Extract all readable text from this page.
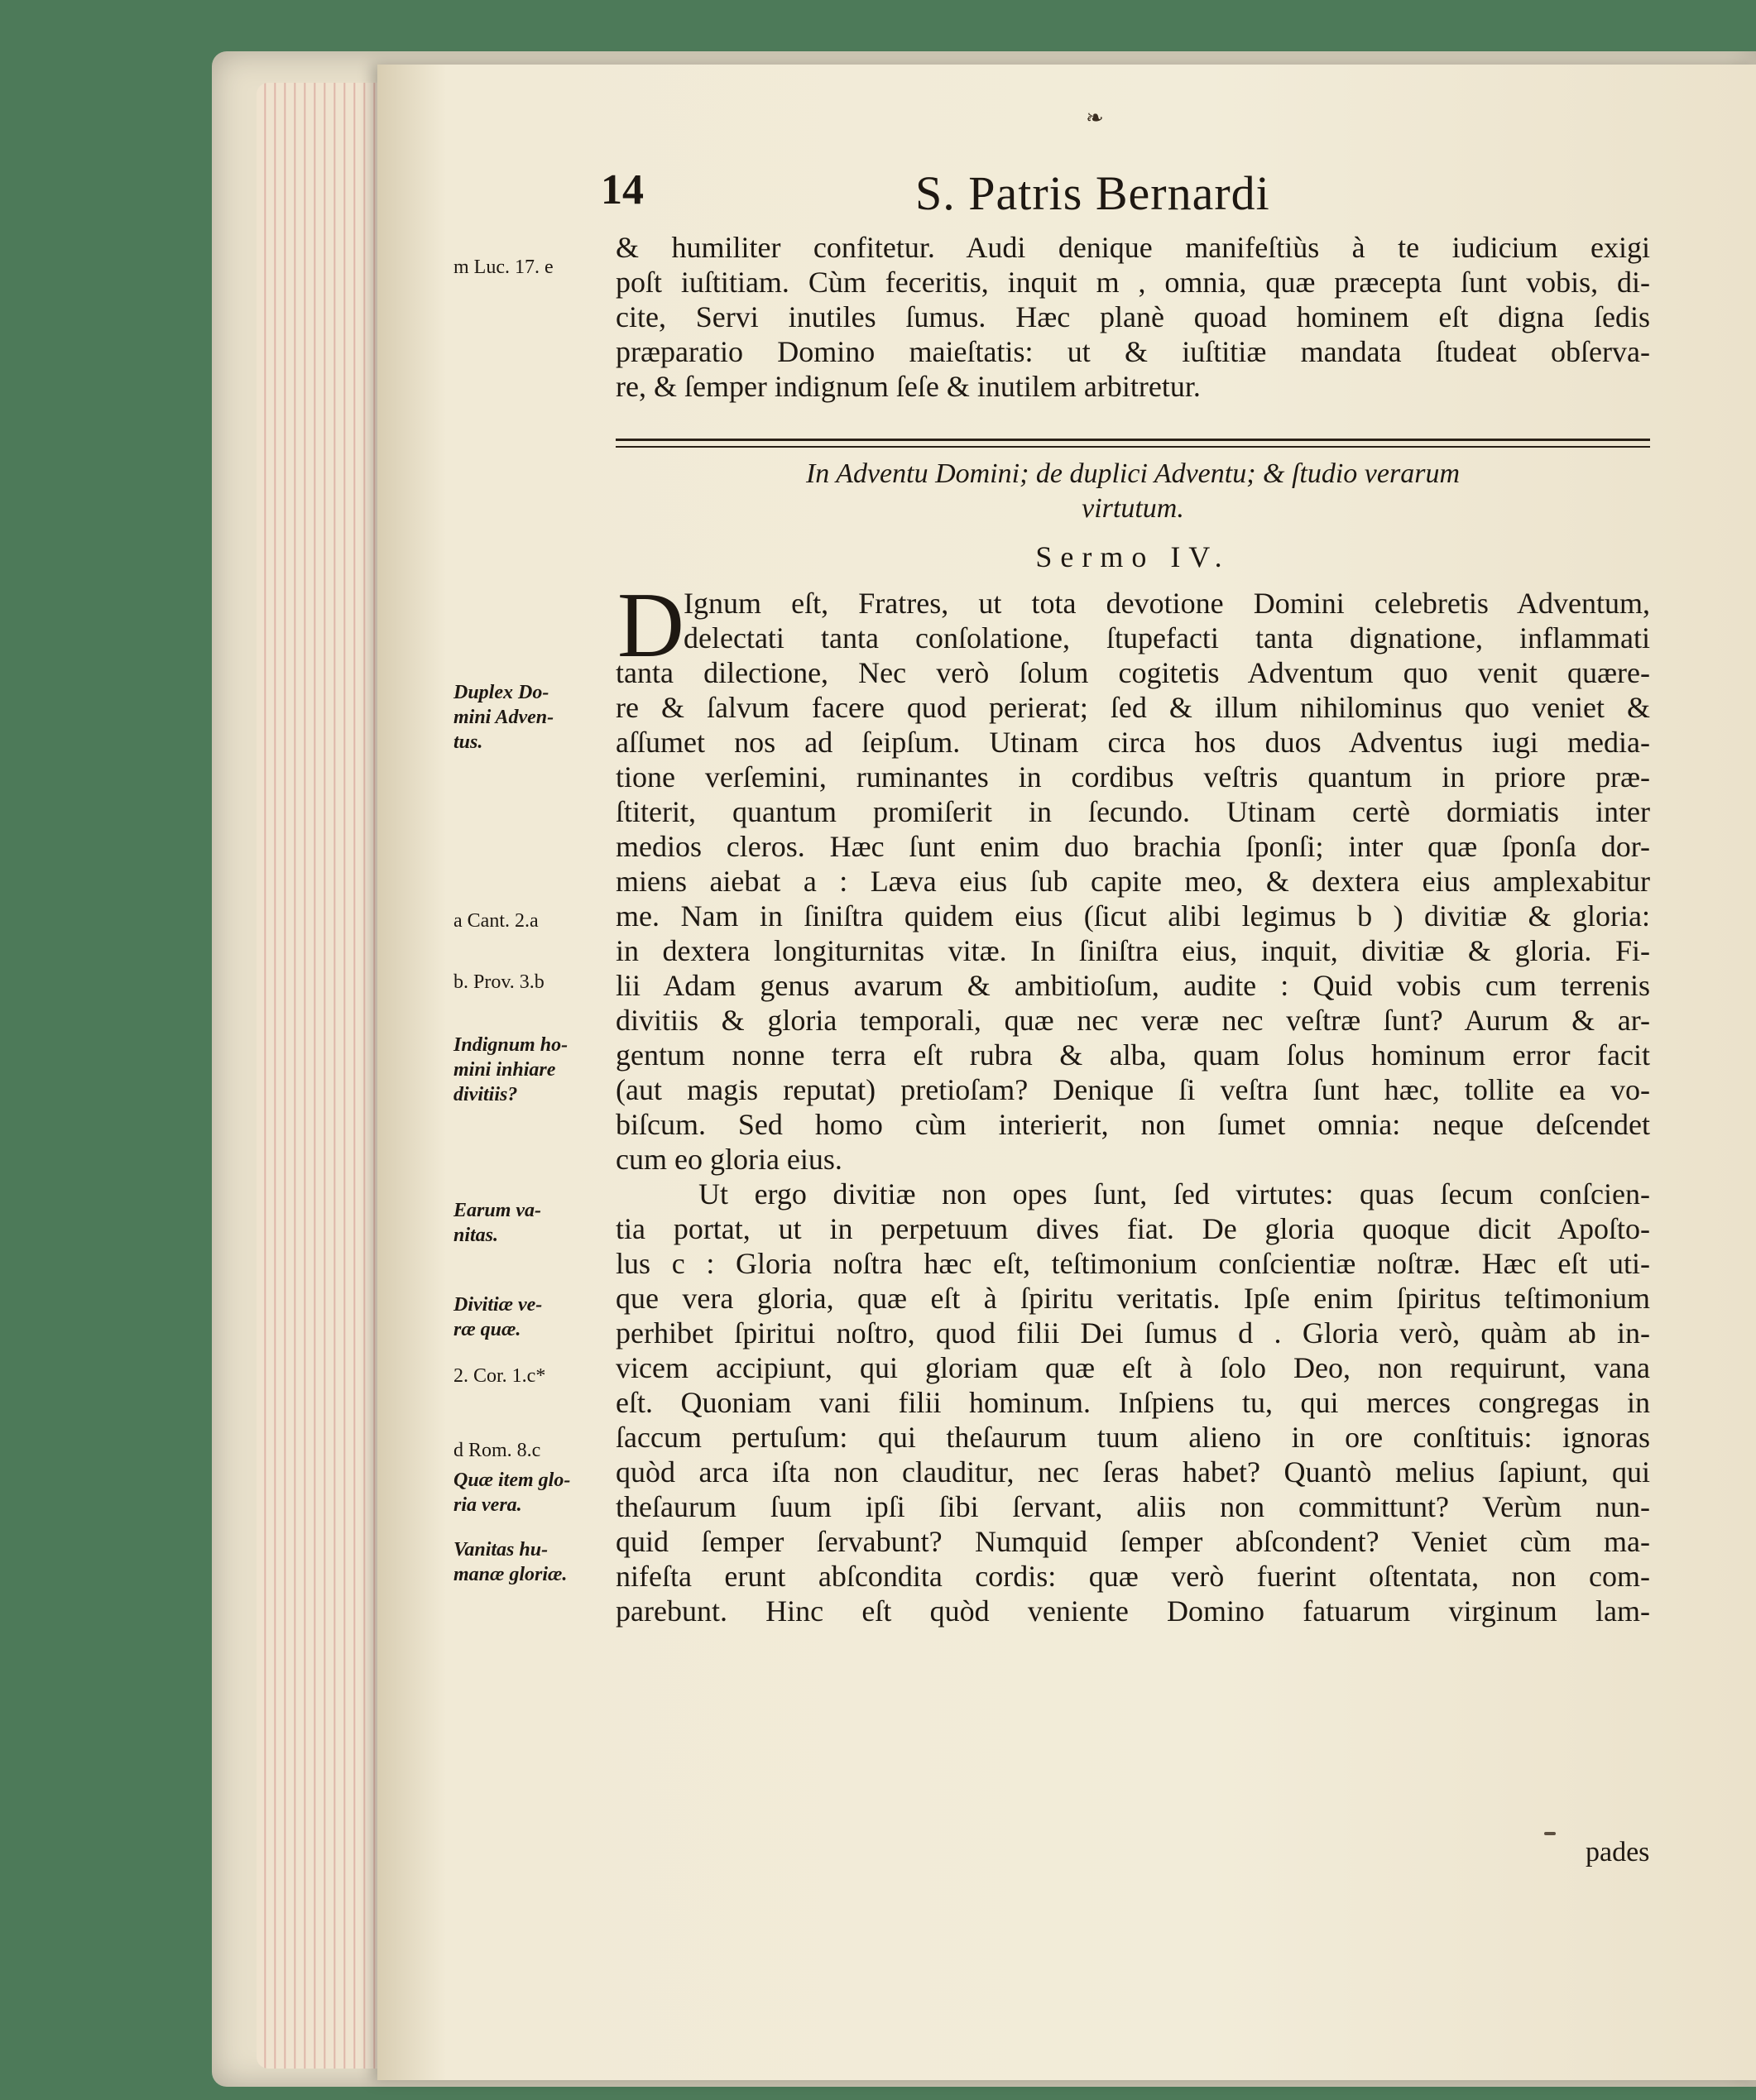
❧
14	S. Patris Bernardi
& humiliter confitetur. Audi denique manifeſtiùs à te iudicium exigi
poſt iuſtitiam. Cùm feceritis, inquit m , omnia, quæ præcepta ſunt vobis, di-
cite, Servi inutiles ſumus. Hæc planè quoad hominem eſt digna ſedis
præparatio Domino maieſtatis: ut & iuſtitiæ mandata ſtudeat obſerva-
re, & ſemper indignum ſeſe & inutilem arbitretur.
In Adventu Domini; de duplici Adventu; & ſtudio verarum
virtutum.
Sermo IV.
D Ignum eſt, Fratres, ut tota devotione Domini celebretis Adventum,
delectati tanta conſolatione, ſtupefacti tanta dignatione, inflammati
tanta dilectione, Nec verò ſolum cogitetis Adventum quo venit quære-
re & ſalvum facere quod perierat; ſed & illum nihilominus quo veniet &
aſſumet nos ad ſeipſum. Utinam circa hos duos Adventus iugi media-
tione verſemini, ruminantes in cordibus veſtris quantum in priore præ-
ſtiterit, quantum promiſerit in ſecundo. Utinam certè dormiatis inter
medios cleros. Hæc ſunt enim duo brachia ſponſi; inter quæ ſponſa dor-
miens aiebat a : Læva eius ſub capite meo, & dextera eius amplexabitur
me. Nam in ſiniſtra quidem eius (ſicut alibi legimus b ) divitiæ & gloria:
in dextera longiturnitas vitæ. In ſiniſtra eius, inquit, divitiæ & gloria. Fi-
lii Adam genus avarum & ambitioſum, audite : Quid vobis cum terrenis
divitiis & gloria temporali, quæ nec veræ nec veſtræ ſunt? Aurum & ar-
gentum nonne terra eſt rubra & alba, quam ſolus hominum error facit
(aut magis reputat) pretioſam? Denique ſi veſtra ſunt hæc, tollite ea vo-
biſcum. Sed homo cùm interierit, non ſumet omnia: neque deſcendet
cum eo gloria eius.
Ut ergo divitiæ non opes ſunt, ſed virtutes: quas ſecum conſcien-
tia portat, ut in perpetuum dives fiat. De gloria quoque dicit Apoſto-
lus c : Gloria noſtra hæc eſt, teſtimonium conſcientiæ noſtræ. Hæc eſt uti-
que vera gloria, quæ eſt à ſpiritu veritatis. Ipſe enim ſpiritus teſtimonium
perhibet ſpiritui noſtro, quod filii Dei ſumus d . Gloria verò, quàm ab in-
vicem accipiunt, qui gloriam quæ eſt à ſolo Deo, non requirunt, vana
eſt. Quoniam vani filii hominum. Inſpiens tu, qui merces congregas in
ſaccum pertuſum: qui theſaurum tuum alieno in ore conſtituis: ignoras
quòd arca iſta non clauditur, nec ſeras habet? Quantò melius ſapiunt, qui
theſaurum ſuum ipſi ſibi ſervant, aliis non committunt? Verùm nun-
quid ſemper ſervabunt? Numquid ſemper abſcondent? Veniet cùm ma-
nifeſta erunt abſcondita cordis: quæ verò fuerint oſtentata, non com-
parebunt. Hinc eſt quòd veniente Domino fatuarum virginum lam-
pades
m Luc. 17. e
Duplex Do-
mini Adven-
tus.
a Cant. 2.a
b. Prov. 3.b
Indignum ho-
mini inhiare
divitiis?
Earum va-
nitas.
Divitiæ ve-
ræ quæ.
2. Cor. 1.c*
d Rom. 8.c
Quæ item glo-
ria vera.
Vanitas hu-
manæ gloriæ.
